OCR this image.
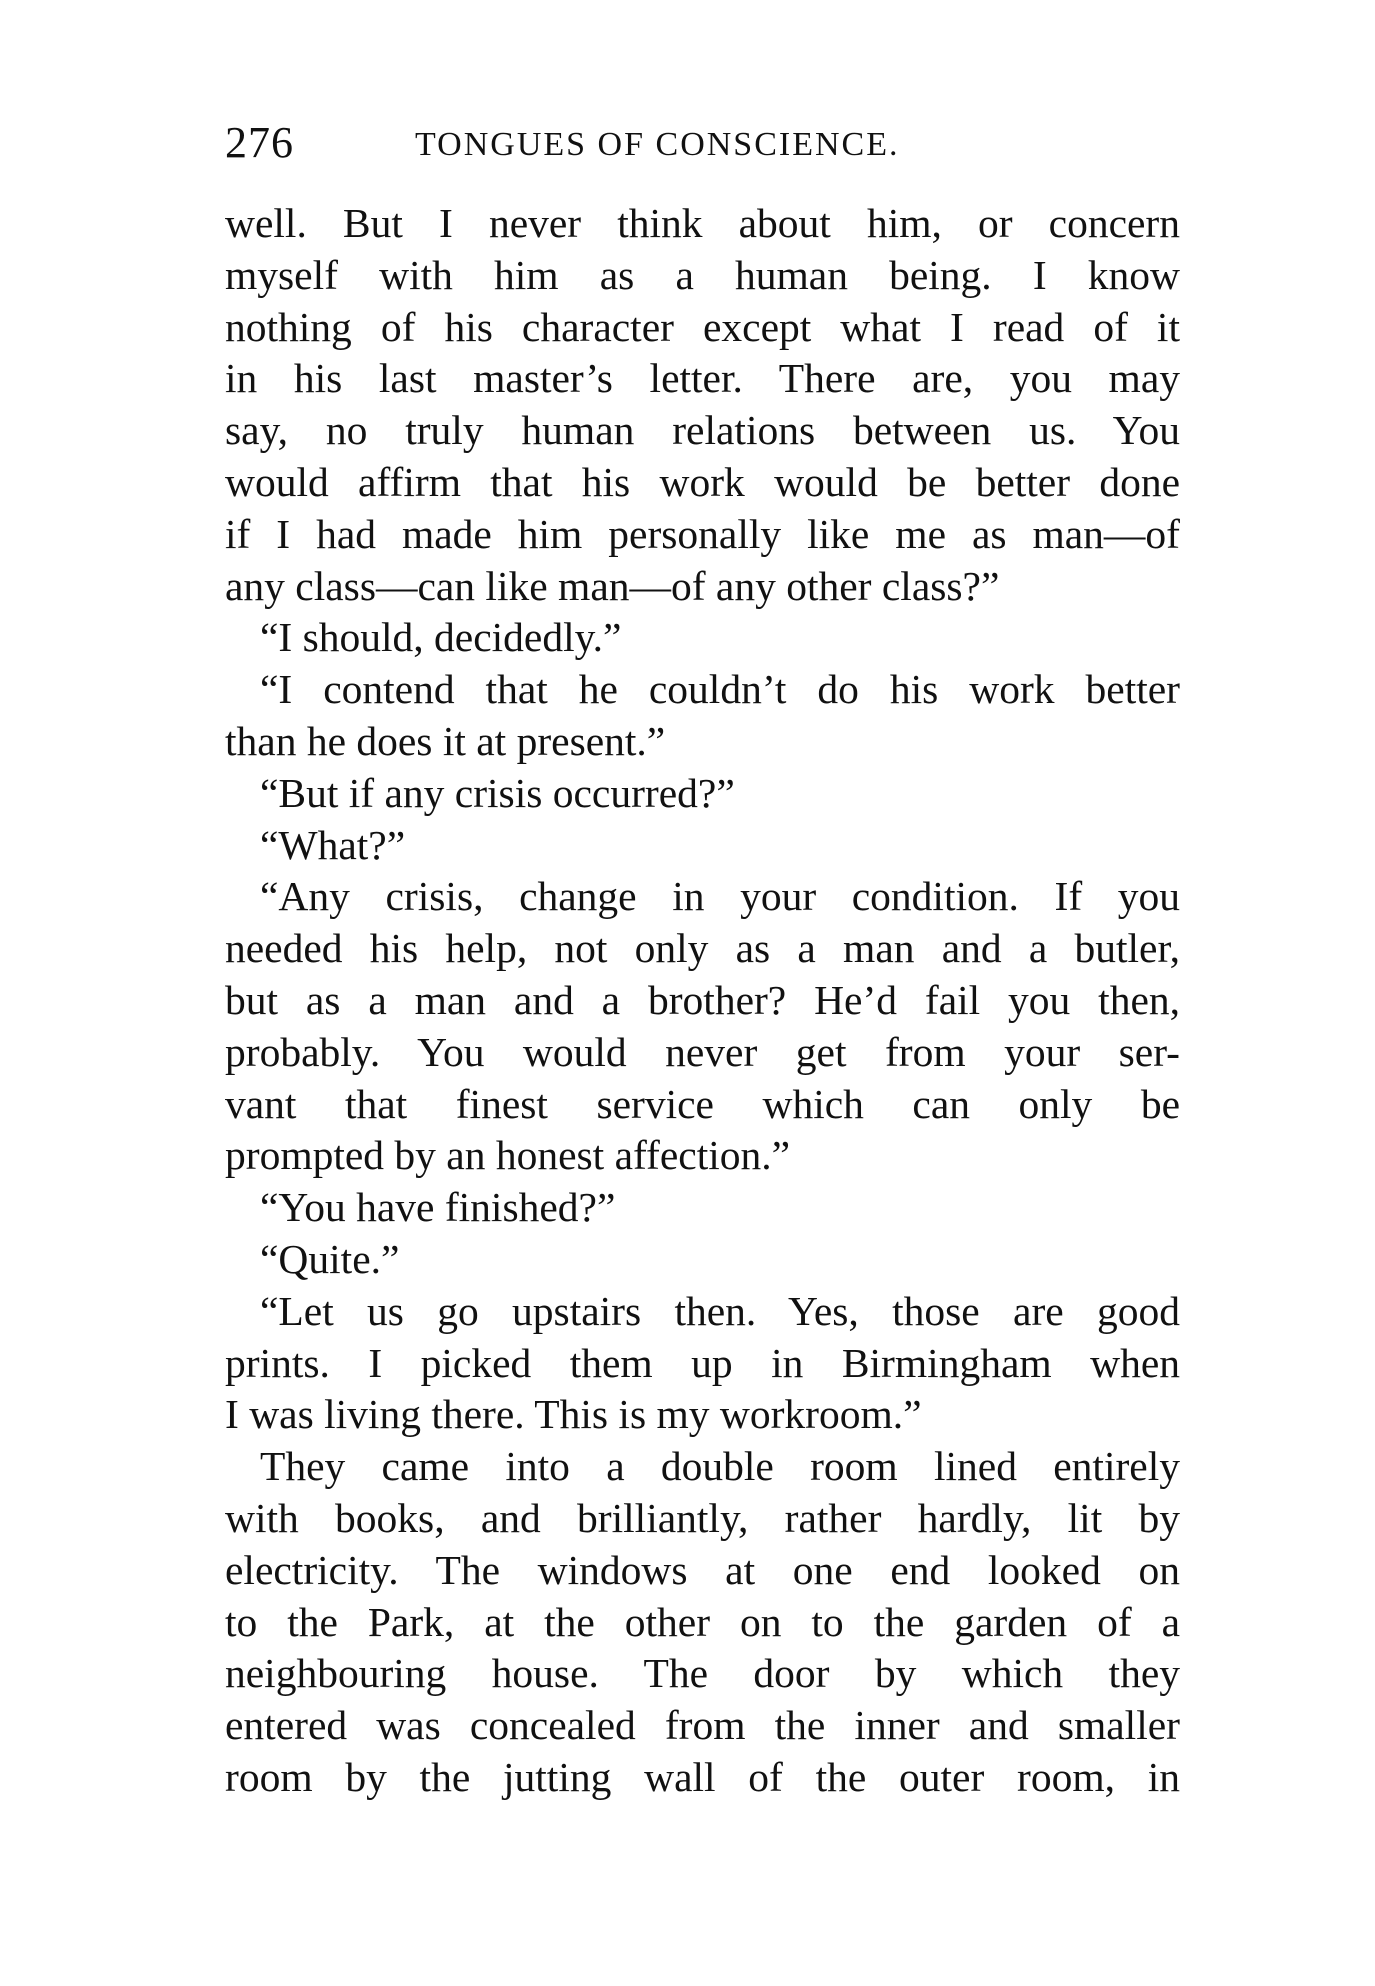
276	TONGUES OF CONSCIENCE.
well. But I never think about him, or concern
myself with him as a human being. I know
nothing of his character except what I read of it
in his last master’s letter. There are, you may
say, no truly human relations between us. You
would affirm that his work would be better done
if I had made him personally like me as man—of
any class—can like man—of any other class?”
“I should, decidedly.”
“I contend that he couldn’t do his work better
than he does it at present.”
“But if any crisis occurred?”
“What?”
“Any crisis, change in your condition. If you
needed his help, not only as a man and a butler,
but as a man and a brother? He’d fail you then,
probably. You would never get from your ser-
vant that finest service which can only be
prompted by an honest affection.”
“You have finished?”
“Quite.”
“Let us go upstairs then. Yes, those are good
prints. I picked them up in Birmingham when
I was living there. This is my workroom.”
They came into a double room lined entirely
with books, and brilliantly, rather hardly, lit by
electricity. The windows at one end looked on
to the Park, at the other on to the garden of a
neighbouring house. The door by which they
entered was concealed from the inner and smaller
room by the jutting wall of the outer room, in
